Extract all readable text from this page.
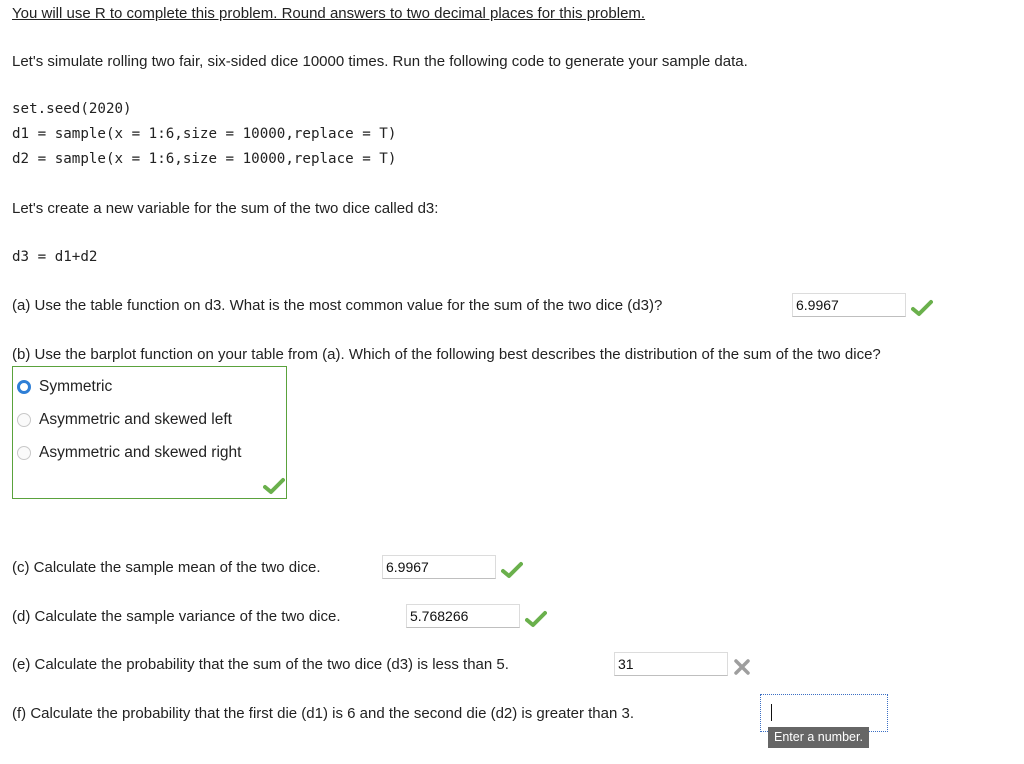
You will use R to complete this problem. Round answers to two decimal places for this problem.
Let's simulate rolling two fair, six-sided dice 10000 times. Run the following code to generate your sample data.
set.seed(2020)
d1 = sample(x = 1:6,size = 10000,replace = T)
d2 = sample(x = 1:6,size = 10000,replace = T)
Let's create a new variable for the sum of the two dice called d3:
d3 = d1+d2
(a) Use the table function on d3. What is the most common value for the sum of the two dice (d3)?	6.9967
(b) Use the barplot function on your table from (a). Which of the following best describes the distribution of the sum of the two dice?
Symmetric
Asymmetric and skewed left
Asymmetric and skewed right
(c) Calculate the sample mean of the two dice.	6.9967
(d) Calculate the sample variance of the two dice.	5.768266
(e) Calculate the probability that the sum of the two dice (d3) is less than 5.	31
(f) Calculate the probability that the first die (d1) is 6 and the second die (d2) is greater than 3.
Enter a number.
